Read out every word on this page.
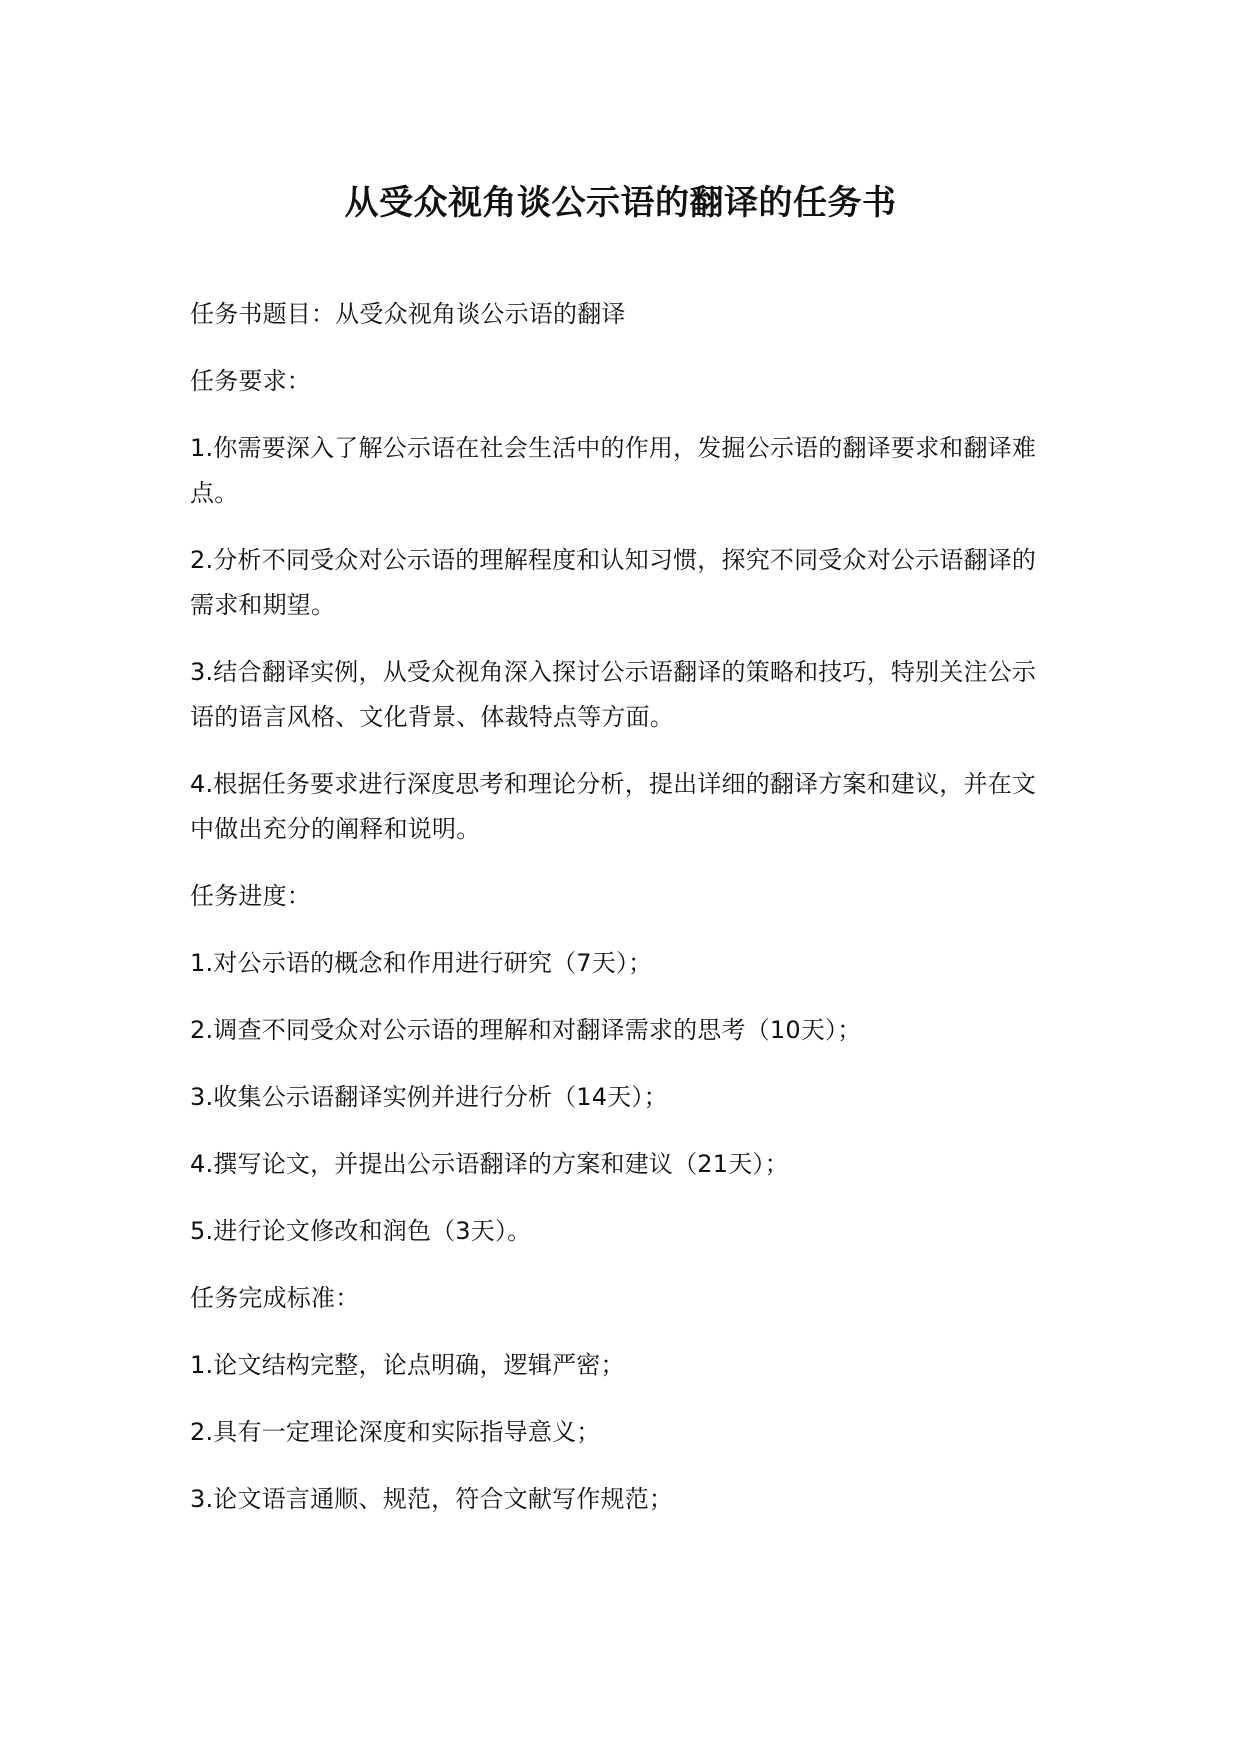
从受众视角谈公示语的翻译的任务书

任务书题目：从受众视角谈公示语的翻译

任务要求：

1.你需要深入了解公示语在社会生活中的作用，发掘公示语的翻译要求和翻译难点。

2.分析不同受众对公示语的理解程度和认知习惯，探究不同受众对公示语翻译的需求和期望。

3.结合翻译实例，从受众视角深入探讨公示语翻译的策略和技巧，特别关注公示语的语言风格、文化背景、体裁特点等方面。

4.根据任务要求进行深度思考和理论分析，提出详细的翻译方案和建议，并在文中做出充分的阐释和说明。

任务进度：

1.对公示语的概念和作用进行研究（7天）；

2.调查不同受众对公示语的理解和对翻译需求的思考（10天）；

3.收集公示语翻译实例并进行分析（14天）；

4.撰写论文，并提出公示语翻译的方案和建议（21天）；

5.进行论文修改和润色（3天）。

任务完成标准：

1.论文结构完整，论点明确，逻辑严密；

2.具有一定理论深度和实际指导意义；

3.论文语言通顺、规范，符合文献写作规范；
